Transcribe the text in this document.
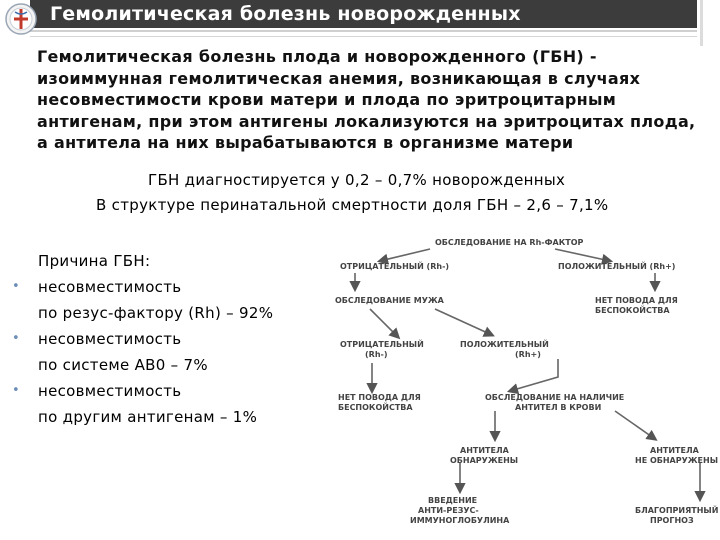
Гемолитическая болезнь новорожденных
Гемолитическая болезнь плода и новорожденного (ГБН) -
изоиммунная гемолитическая анемия, возникающая в случаях
несовместимости крови матери и плода по эритроцитарным
антигенам, при этом антигены локализуются на эритроцитах плода,
а антитела на них вырабатываются в организме матери
ГБН диагностируется у 0,2 – 0,7% новорожденных
В структуре перинатальной смертности доля ГБН – 2,6 – 7,1%
Причина ГБН:
• несовместимость
по резус-фактору (Rh) – 92%
• несовместимость
по системе АВ0 – 7%
• несовместимость
по другим антигенам – 1%
ОБСЛЕДОВАНИЕ НА Rh-ФАКТОР
ОТРИЦАТЕЛЬНЫЙ (Rh-)	ПОЛОЖИТЕЛЬНЫЙ (Rh+)
ОБСЛЕДОВАНИЕ МУЖА	НЕТ ПОВОДА ДЛЯ
БЕСПОКОЙСТВА
ОТРИЦАТЕЛЬНЫЙ
(Rh-)
ПОЛОЖИТЕЛЬНЫЙ
(Rh+)
НЕТ ПОВОДА ДЛЯ
БЕСПОКОЙСТВА
ОБСЛЕДОВАНИЕ НА НАЛИЧИЕ
АНТИТЕЛ В КРОВИ
АНТИТЕЛА
ОБНАРУЖЕНЫ
АНТИТЕЛА
НЕ ОБНАРУЖЕНЫ
ВВЕДЕНИЕ
АНТИ-РЕЗУС-
ИММУНОГЛОБУЛИНА
БЛАГОПРИЯТНЫЙ
ПРОГНОЗ
